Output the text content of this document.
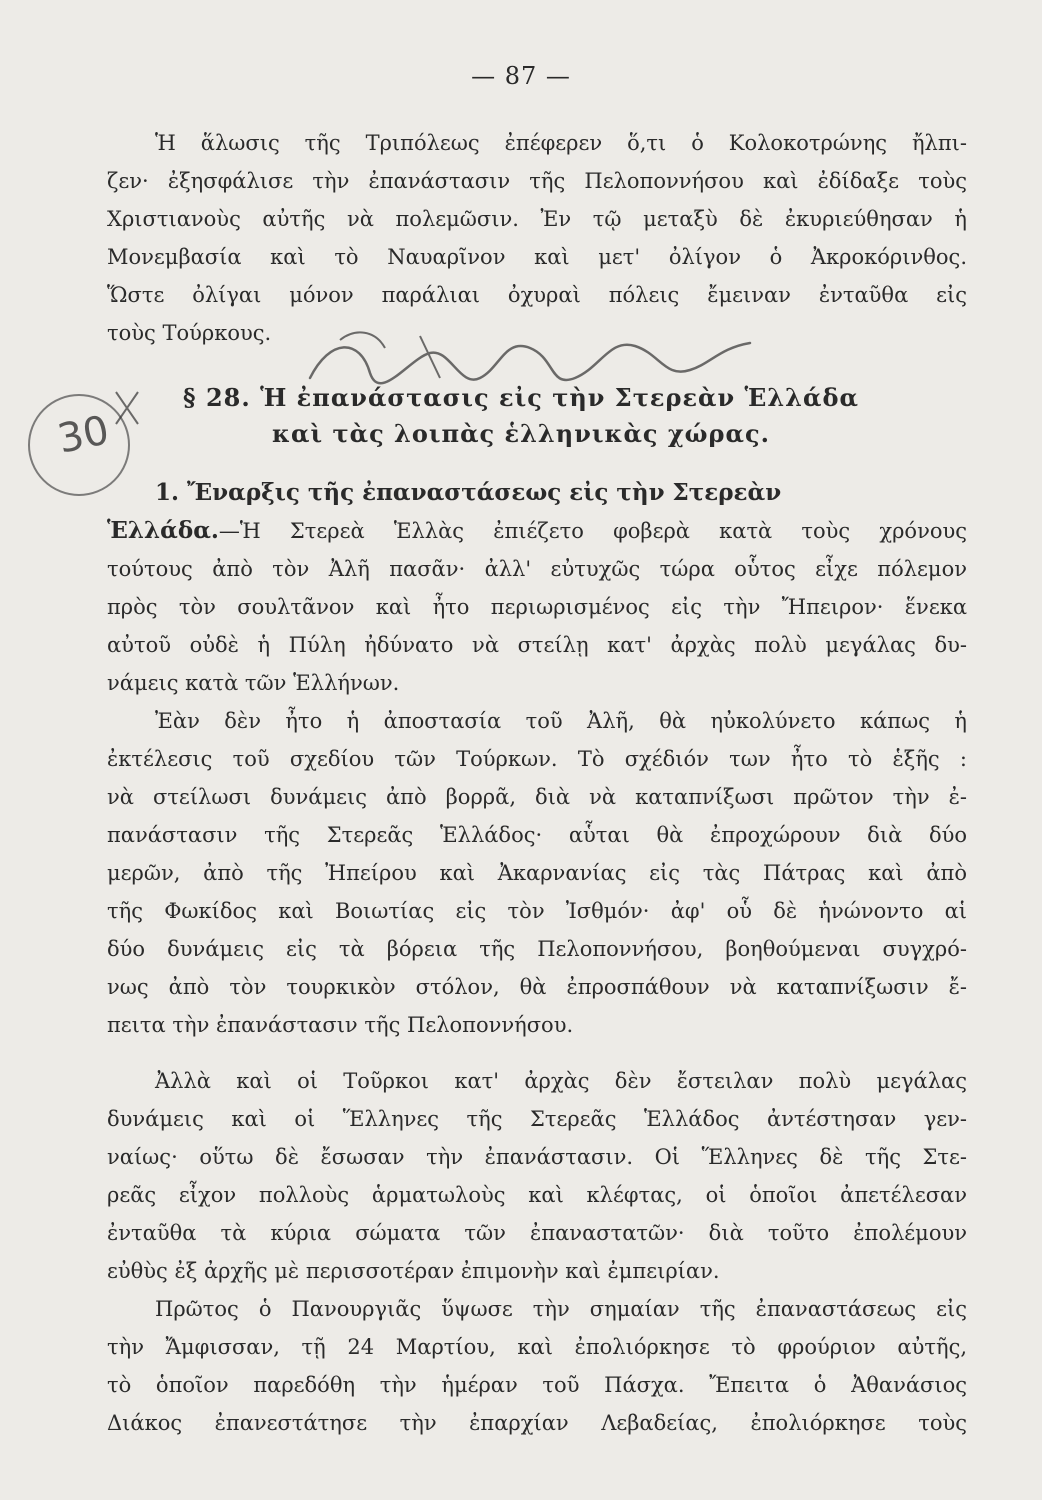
— 87 —
Ἡ ἅλωσις τῆς Τριπόλεως ἐπέφερεν ὅ,τι ὁ Κολοκοτρώνης ἤλπι-
ζεν· ἐξησφάλισε τὴν ἐπανάστασιν τῆς Πελοποννήσου καὶ ἐδίδαξε τοὺς
Χριστιανοὺς αὐτῆς νὰ πολεμῶσιν. Ἐν τῷ μεταξὺ δὲ ἐκυριεύθησαν ἡ
Μονεμβασία καὶ τὸ Ναυαρῖνον καὶ μετ' ὀλίγον ὁ Ἀκροκόρινθος.
Ὥστε ὀλίγαι μόνον παράλιαι ὀχυραὶ πόλεις ἔμειναν ἐνταῦθα εἰς
τοὺς Τούρκους.
§ 28. Ἡ ἐπανάστασις εἰς τὴν Στερεὰν Ἑλλάδα
καὶ τὰς λοιπὰς ἑλληνικὰς χώρας.
1. Ἔναρξις τῆς ἐπαναστάσεως εἰς τὴν Στερεὰν
Ἑλλάδα.—Ἡ Στερεὰ Ἑλλὰς ἐπιέζετο φοβερὰ κατὰ τοὺς χρόνους
τούτους ἀπὸ τὸν Ἀλῆ πασᾶν· ἀλλ' εὐτυχῶς τώρα οὗτος εἶχε πόλεμον
πρὸς τὸν σουλτᾶνον καὶ ἦτο περιωρισμένος εἰς τὴν Ἤπειρον· ἕνεκα
αὐτοῦ οὐδὲ ἡ Πύλη ἠδύνατο νὰ στείλῃ κατ' ἀρχὰς πολὺ μεγάλας δυ-
νάμεις κατὰ τῶν Ἑλλήνων.
Ἐὰν δὲν ἦτο ἡ ἀποστασία τοῦ Ἀλῆ, θὰ ηὐκολύνετο κάπως ἡ
ἐκτέλεσις τοῦ σχεδίου τῶν Τούρκων. Τὸ σχέδιόν των ἦτο τὸ ἑξῆς :
νὰ στείλωσι δυνάμεις ἀπὸ βορρᾶ, διὰ νὰ καταπνίξωσι πρῶτον τὴν ἐ-
πανάστασιν τῆς Στερεᾶς Ἑλλάδος· αὗται θὰ ἐπροχώρουν διὰ δύο
μερῶν, ἀπὸ τῆς Ἠπείρου καὶ Ἀκαρνανίας εἰς τὰς Πάτρας καὶ ἀπὸ
τῆς Φωκίδος καὶ Βοιωτίας εἰς τὸν Ἰσθμόν· ἀφ' οὗ δὲ ἡνώνοντο αἱ
δύο δυνάμεις εἰς τὰ βόρεια τῆς Πελοποννήσου, βοηθούμεναι συγχρό-
νως ἀπὸ τὸν τουρκικὸν στόλον, θὰ ἐπροσπάθουν νὰ καταπνίξωσιν ἔ-
πειτα τὴν ἐπανάστασιν τῆς Πελοποννήσου.
Ἀλλὰ καὶ οἱ Τοῦρκοι κατ' ἀρχὰς δὲν ἔστειλαν πολὺ μεγάλας
δυνάμεις καὶ οἱ Ἕλληνες τῆς Στερεᾶς Ἑλλάδος ἀντέστησαν γεν-
ναίως· οὕτω δὲ ἔσωσαν τὴν ἐπανάστασιν. Οἱ Ἕλληνες δὲ τῆς Στε-
ρεᾶς εἶχον πολλοὺς ἁρματωλοὺς καὶ κλέφτας, οἱ ὁποῖοι ἀπετέλεσαν
ἐνταῦθα τὰ κύρια σώματα τῶν ἐπαναστατῶν· διὰ τοῦτο ἐπολέμουν
εὐθὺς ἐξ ἀρχῆς μὲ περισσοτέραν ἐπιμονὴν καὶ ἐμπειρίαν.
Πρῶτος ὁ Πανουργιᾶς ὕψωσε τὴν σημαίαν τῆς ἐπαναστάσεως εἰς
τὴν Ἄμφισσαν, τῇ 24 Μαρτίου, καὶ ἐπολιόρκησε τὸ φρούριον αὐτῆς,
τὸ ὁποῖον παρεδόθη τὴν ἡμέραν τοῦ Πάσχα. Ἔπειτα ὁ Ἀθανάσιος
Διάκος ἐπανεστάτησε τὴν ἐπαρχίαν Λεβαδείας, ἐπολιόρκησε τοὺς
30
